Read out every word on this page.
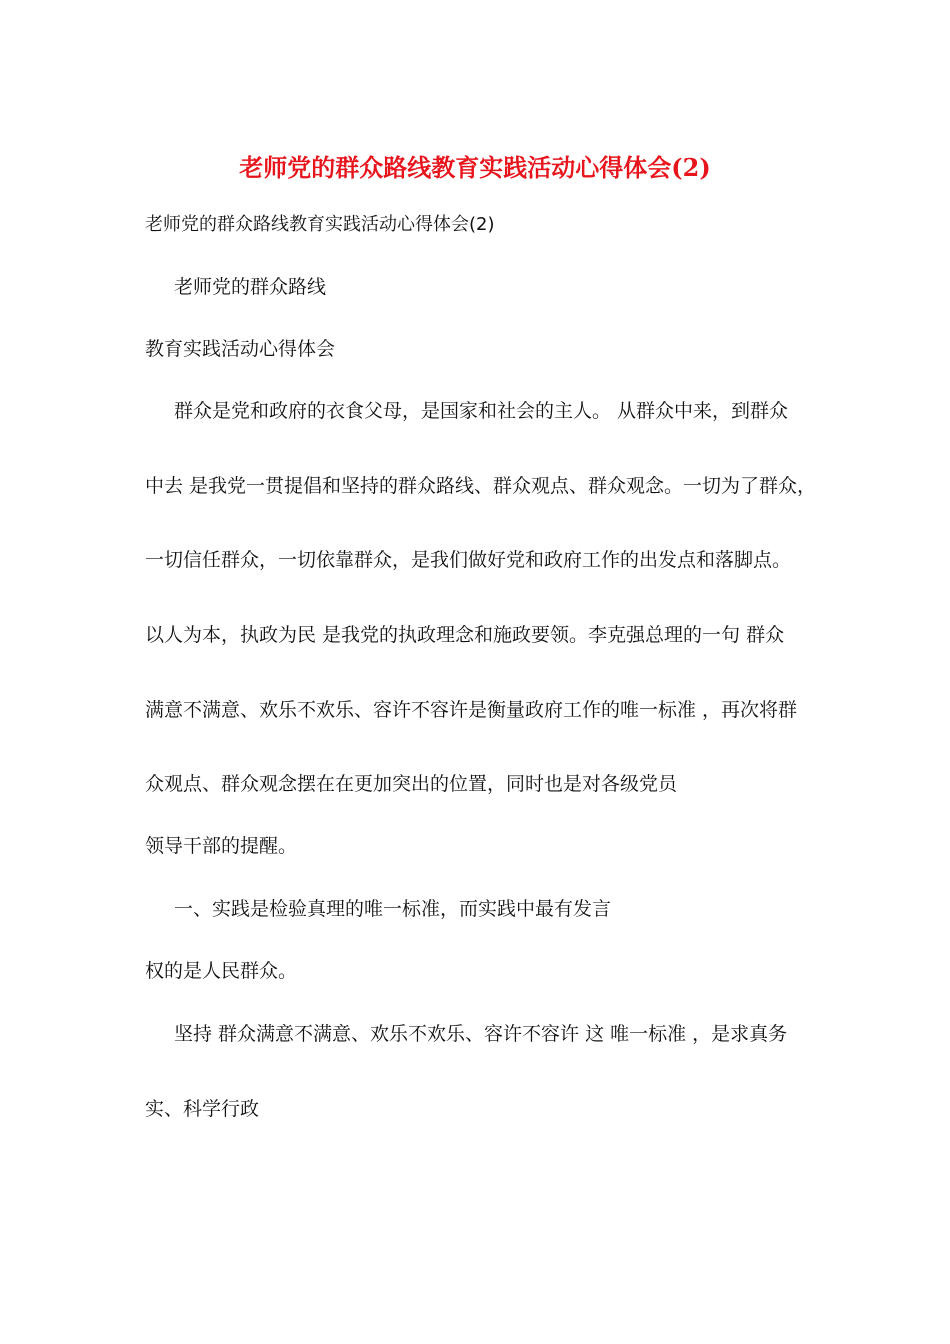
老师党的群众路线教育实践活动心得体会(2)
老师党的群众路线教育实践活动心得体会(2)
老师党的群众路线
教育实践活动心得体会
群众是党和政府的衣食父母，是国家和社会的主人。 从群众中来，到群众
中去 是我党一贯提倡和坚持的群众路线、群众观点、群众观念。一切为了群众，
一切信任群众，一切依靠群众，是我们做好党和政府工作的出发点和落脚点。
以人为本，执政为民 是我党的执政理念和施政要领。李克强总理的一句 群众
满意不满意、欢乐不欢乐、容许不容许是衡量政府工作的唯一标准 ，再次将群
众观点、群众观念摆在在更加突出的位置，同时也是对各级党员
领导干部的提醒。
一、实践是检验真理的唯一标准，而实践中最有发言
权的是人民群众。
坚持 群众满意不满意、欢乐不欢乐、容许不容许 这 唯一标准 ，是求真务
实、科学行政
